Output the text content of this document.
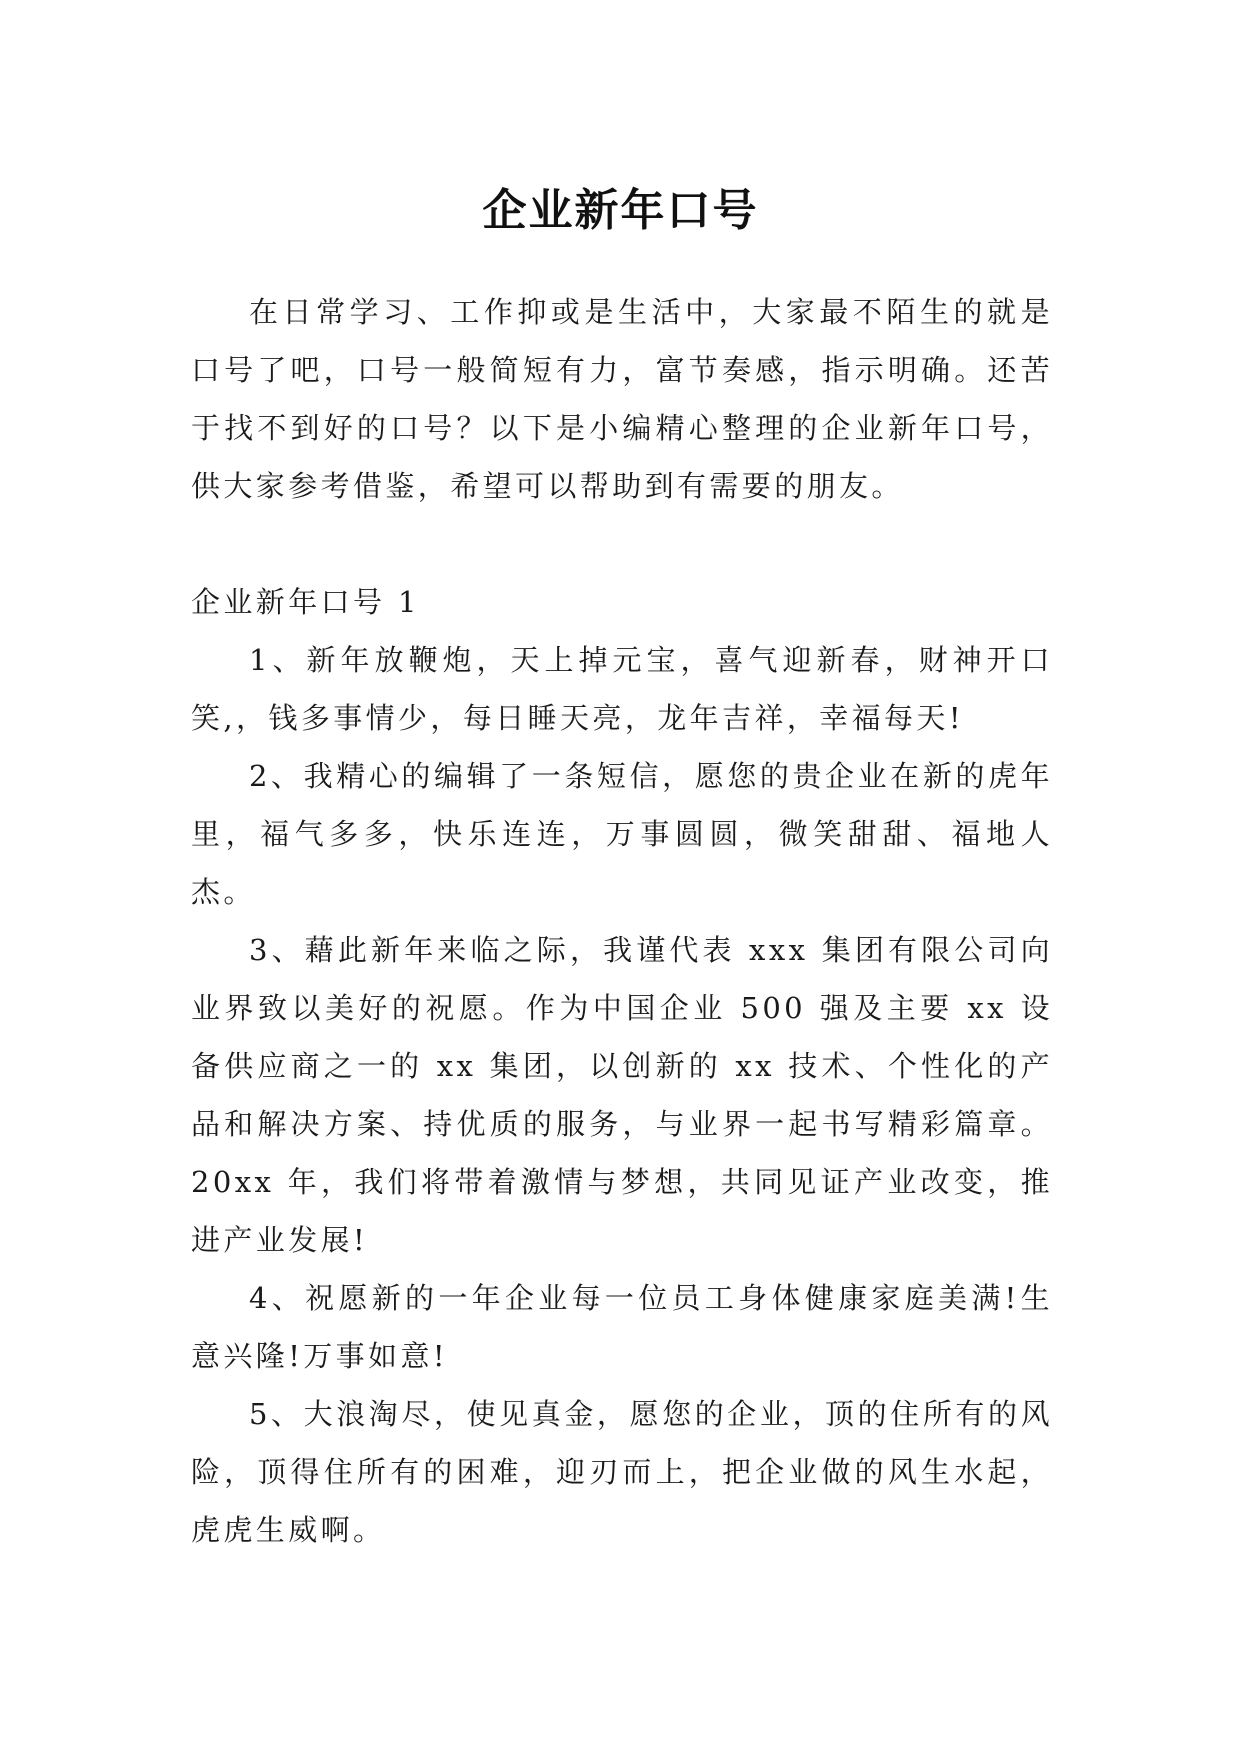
企业新年口号

在日常学习、工作抑或是生活中，大家最不陌生的就是口号了吧，口号一般简短有力，富节奏感，指示明确。还苦于找不到好的口号？以下是小编精心整理的企业新年口号，供大家参考借鉴，希望可以帮助到有需要的朋友。

企业新年口号 1

1、新年放鞭炮，天上掉元宝，喜气迎新春，财神开口笑,，钱多事情少，每日睡天亮，龙年吉祥，幸福每天!

2、我精心的编辑了一条短信，愿您的贵企业在新的虎年里，福气多多，快乐连连，万事圆圆，微笑甜甜、福地人杰。

3、藉此新年来临之际，我谨代表 xxx 集团有限公司向业界致以美好的祝愿。作为中国企业 500 强及主要 xx 设备供应商之一的 xx 集团，以创新的 xx 技术、个性化的产品和解决方案、持优质的服务，与业界一起书写精彩篇章。20xx 年，我们将带着激情与梦想，共同见证产业改变，推进产业发展!

4、祝愿新的一年企业每一位员工身体健康家庭美满!生意兴隆!万事如意!

5、大浪淘尽，使见真金，愿您的企业，顶的住所有的风险，顶得住所有的困难，迎刃而上，把企业做的风生水起，虎虎生威啊。
